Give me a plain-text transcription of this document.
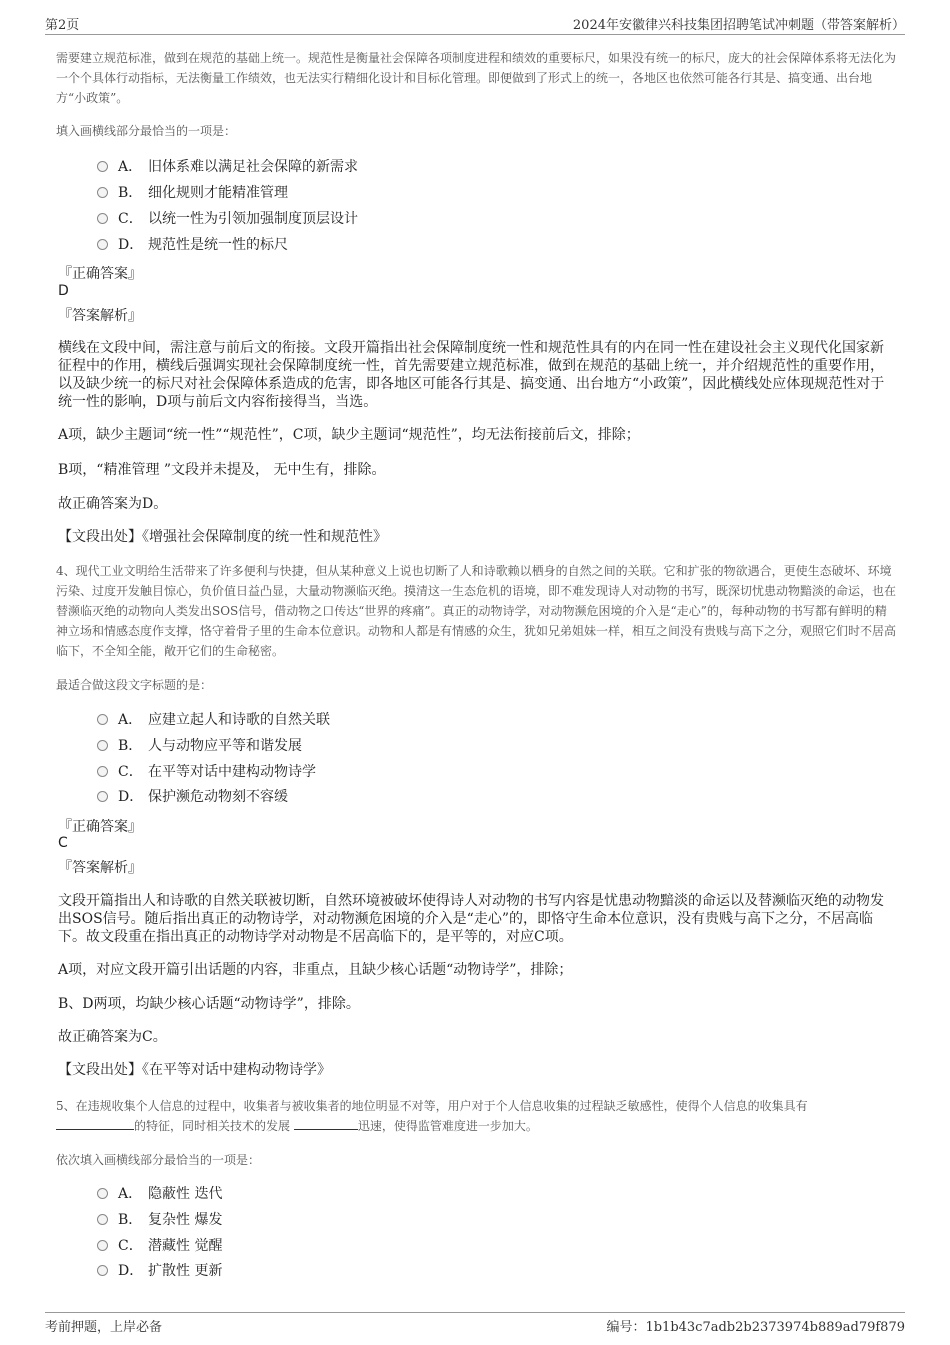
第2页	2024年安徽律兴科技集团招聘笔试冲刺题（带答案解析）

需要建立规范标准，做到在规范的基础上统一。规范性是衡量社会保障各项制度进程和绩效的重要标尺，如果没有统一的标尺，庞大的社会保障体系将无法化为一个个具体行动指标，无法衡量工作绩效，也无法实行精细化设计和目标化管理。即便做到了形式上的统一，各地区也依然可能各行其是、搞变通、出台地方“小政策”。

填入画横线部分最恰当的一项是：

A． 旧体系难以满足社会保障的新需求
B． 细化规则才能精准管理
C． 以统一性为引领加强制度顶层设计
D． 规范性是统一性的标尺
『正确答案』
D
『答案解析』

横线在文段中间，需注意与前后文的衔接。文段开篇指出社会保障制度统一性和规范性具有的内在同一性在建设社会主义现代化国家新征程中的作用，横线后强调实现社会保障制度统一性，首先需要建立规范标准，做到在规范的基础上统一，并介绍规范性的重要作用，以及缺少统一的标尺对社会保障体系造成的危害，即各地区可能各行其是、搞变通、出台地方“小政策”，因此横线处应体现规范性对于统一性的影响，D项与前后文内容衔接得当，当选。

A项，缺少主题词“统一性”“规范性”，C项，缺少主题词“规范性”，均无法衔接前后文，排除；

B项，“精准管理 ”文段并未提及， 无中生有，排除。

故正确答案为D。

【文段出处】《增强社会保障制度的统一性和规范性》

4、现代工业文明给生活带来了许多便利与快捷，但从某种意义上说也切断了人和诗歌赖以栖身的自然之间的关联。它和扩张的物欲遇合，更使生态破坏、环境污染、过度开发触目惊心，负价值日益凸显，大量动物濒临灭绝。摸清这一生态危机的语境，即不难发现诗人对动物的书写，既深切忧患动物黯淡的命运，也在替濒临灭绝的动物向人类发出SOS信号，借动物之口传达“世界的疼痛”。真正的动物诗学，对动物濒危困境的介入是“走心”的，每种动物的书写都有鲜明的精神立场和情感态度作支撑，恪守着骨子里的生命本位意识。动物和人都是有情感的众生，犹如兄弟姐妹一样，相互之间没有贵贱与高下之分，观照它们时不居高临下，不全知全能，敞开它们的生命秘密。

最适合做这段文字标题的是：

A． 应建立起人和诗歌的自然关联
B． 人与动物应平等和谐发展
C． 在平等对话中建构动物诗学
D． 保护濒危动物刻不容缓
『正确答案』
C
『答案解析』

文段开篇指出人和诗歌的自然关联被切断，自然环境被破坏使得诗人对动物的书写内容是忧患动物黯淡的命运以及替濒临灭绝的动物发出SOS信号。随后指出真正的动物诗学，对动物濒危困境的介入是“走心”的，即恪守生命本位意识，没有贵贱与高下之分，不居高临下。故文段重在指出真正的动物诗学对动物是不居高临下的，是平等的，对应C项。

A项，对应文段开篇引出话题的内容，非重点，且缺少核心话题“动物诗学”，排除；

B、D两项，均缺少核心话题“动物诗学”，排除。

故正确答案为C。

【文段出处】《在平等对话中建构动物诗学》

5、在违规收集个人信息的过程中，收集者与被收集者的地位明显不对等，用户对于个人信息收集的过程缺乏敏感性，使得个人信息的收集具有
的特征，同时相关技术的发展	迅速，使得监管难度进一步加大。

依次填入画横线部分最恰当的一项是：

A． 隐蔽性 迭代
B． 复杂性 爆发
C． 潜藏性 觉醒
D． 扩散性 更新
考前押题，上岸必备	编号：1b1b43c7adb2b2373974b889ad79f879
